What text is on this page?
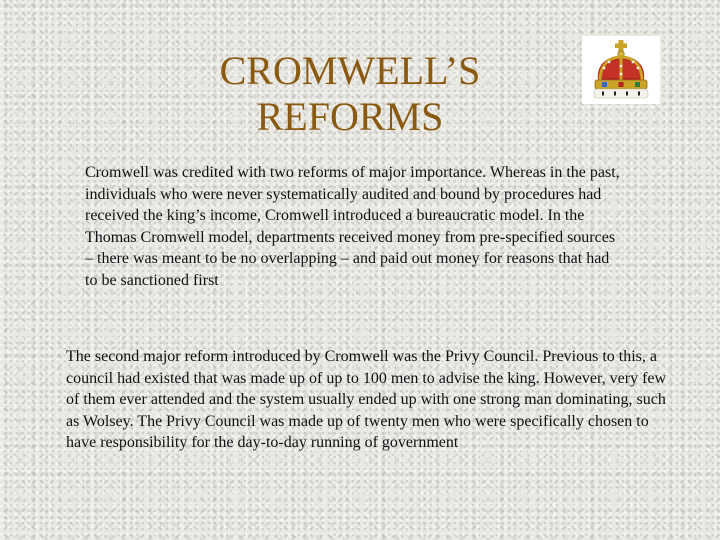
CROMWELL’S
REFORMS

Cromwell was credited with two reforms of major importance. Whereas in the past, individuals who were never systematically audited and bound by procedures had received the king’s income, Cromwell introduced a bureaucratic model. In the Thomas Cromwell model, departments received money from pre-specified sources – there was meant to be no overlapping – and paid out money for reasons that had to be sanctioned first

The second major reform introduced by Cromwell was the Privy Council. Previous to this, a council had existed that was made up of up to 100 men to advise the king. However, very few of them ever attended and the system usually ended up with one strong man dominating, such as Wolsey. The Privy Council was made up of twenty men who were specifically chosen to have responsibility for the day-to-day running of government
